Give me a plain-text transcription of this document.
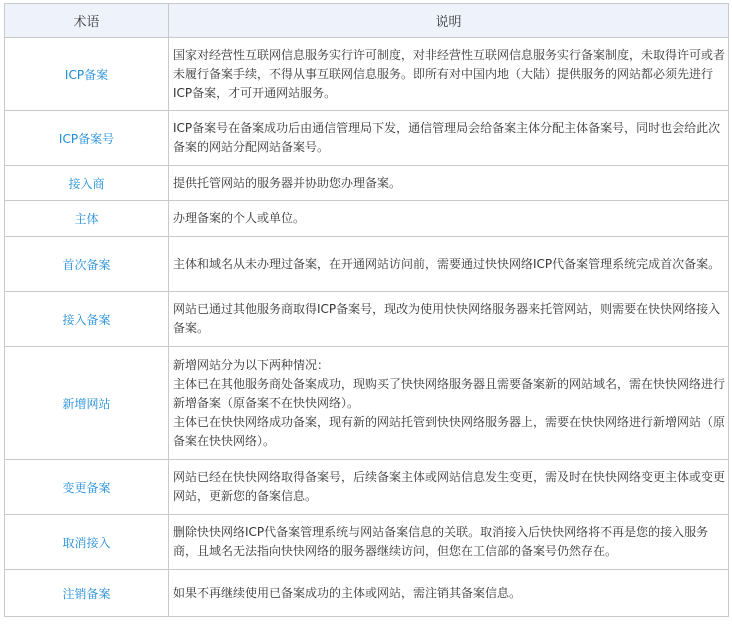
术语	说明
ICP备案	国家对经营性互联网信息服务实行许可制度，对非经营性互联网信息服务实行备案制度，未取得许可或者未履行备案手续，不得从事互联网信息服务。即所有对中国内地（大陆）提供服务的网站都必须先进行ICP备案，才可开通网站服务。

ICP备案号	ICP备案号在备案成功后由通信管理局下发，通信管理局会给备案主体分配主体备案号，同时也会给此次备案的网站分配网站备案号。

接入商	提供托管网站的服务器并协助您办理备案。

主体	办理备案的个人或单位。

首次备案	主体和域名从未办理过备案，在开通网站访问前，需要通过快快网络ICP代备案管理系统完成首次备案。

接入备案	网站已通过其他服务商取得ICP备案号，现改为使用快快网络服务器来托管网站，则需要在快快网络接入备案。

新增网站	新增网站分为以下两种情况：
主体已在其他服务商处备案成功，现购买了快快网络服务器且需要备案新的网站域名，需在快快网络进行新增备案（原备案不在快快网络）。
主体已在快快网络成功备案，现有新的网站托管到快快网络服务器上，需要在快快网络进行新增网站（原备案在快快网络）。

变更备案	网站已经在快快网络取得备案号，后续备案主体或网站信息发生变更，需及时在快快网络变更主体或变更网站，更新您的备案信息。

取消接入	删除快快网络ICP代备案管理系统与网站备案信息的关联。取消接入后快快网络将不再是您的接入服务商，且域名无法指向快快网络的服务器继续访问，但您在工信部的备案号仍然存在。

注销备案	如果不再继续使用已备案成功的主体或网站，需注销其备案信息。
